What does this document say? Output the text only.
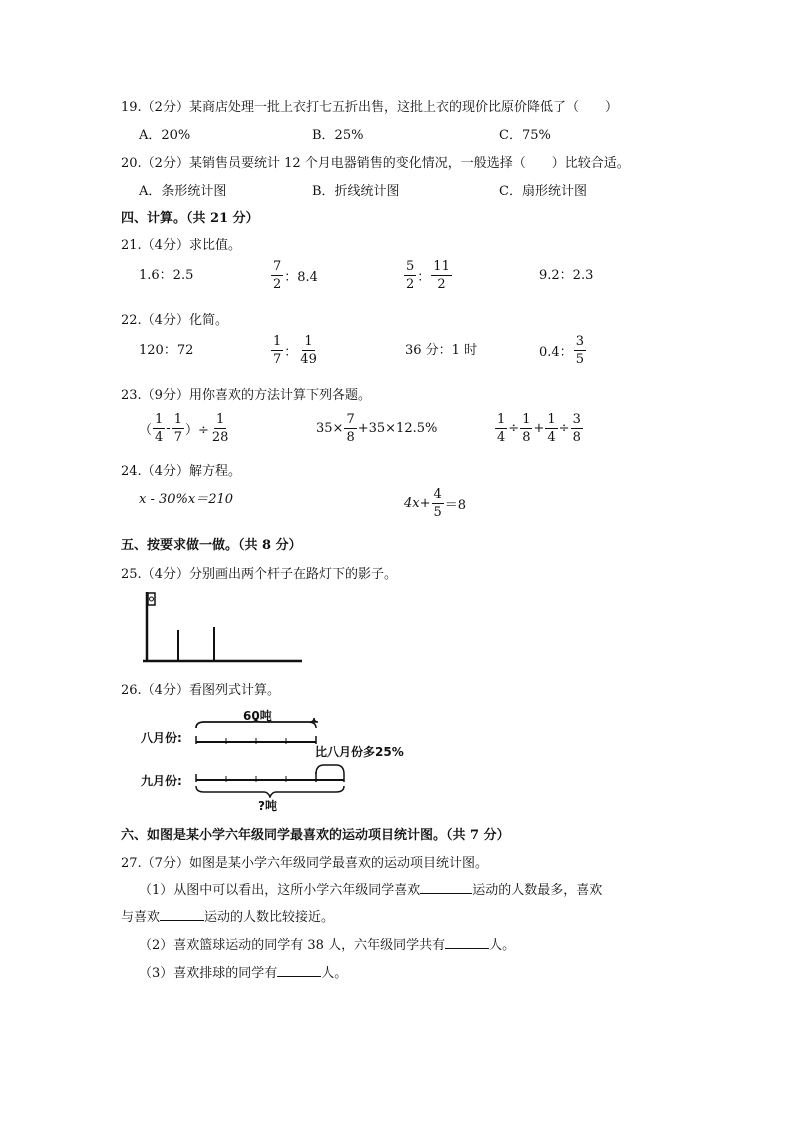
19.（2分）某商店处理一批上衣打七五折出售，这批上衣的现价比原价降低了（　　）
A．20%	B．25%	C．75%
20.（2分）某销售员要统计 12 个月电器销售的变化情况，一般选择（　　）比较合适。
A．条形统计图	B．折线统计图	C．扇形统计图
四、计算。（共 21 分）
21.（4分）求比值。
1.6：2.5	$\frac{7}{2}$ ：8.4	$\frac{5}{2}$ ： $\frac{11}{2}$	9.2：2.3
22.（4分）化简。
120：72	$\frac{1}{7}$ ： $\frac{1}{49}$	36 分：1 时	0.4： $\frac{3}{5}$
23.（9分）用你喜欢的方法计算下列各题。
（ $\frac{1}{4} - \frac{1}{7}$ ）÷ $\frac{1}{28}$	$35\times \frac{7}{8} +35\times 12.5\%$	$\frac{1}{4} \div \frac{1}{8} + \frac{1}{4} \div \frac{3}{8}$
24.（4分）解方程。
x - 30%x＝210	$4x+ \frac{4}{5} =8$
五、按要求做一做。（共 8 分）
25.（4分）分别画出两个杆子在路灯下的影子。
26.（4分）看图列式计算。
60吨
八月份:
九月份:
比八月份多25%
?吨
六、如图是某小学六年级同学最喜欢的运动项目统计图。（共 7 分）
27.（7分）如图是某小学六年级同学最喜欢的运动项目统计图。
（1）从图中可以看出，这所小学六年级同学喜欢	运动的人数最多，喜欢
与喜欢	运动的人数比较接近。
（2）喜欢篮球运动的同学有 38 人，六年级同学共有	人。
（3）喜欢排球的同学有	人。
